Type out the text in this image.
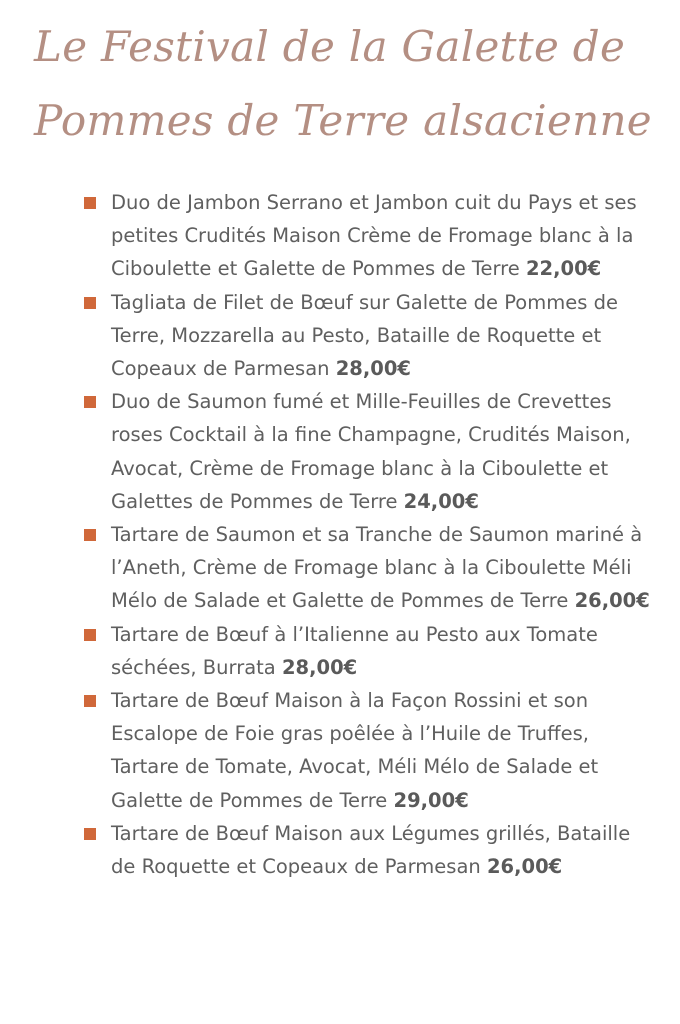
Le Festival de la Galette de
Pommes de Terre alsacienne
Duo de Jambon Serrano et Jambon cuit du Pays et ses petites Crudités Maison Crème de Fromage blanc à la Ciboulette et Galette de Pommes de Terre 22,00€
Tagliata de Filet de Bœuf sur Galette de Pommes de Terre, Mozzarella au Pesto, Bataille de Roquette et Copeaux de Parmesan 28,00€
Duo de Saumon fumé et Mille-Feuilles de Crevettes roses Cocktail à la fine Champagne, Crudités Maison, Avocat, Crème de Fromage blanc à la Ciboulette et Galettes de Pommes de Terre 24,00€
Tartare de Saumon et sa Tranche de Saumon mariné à l’Aneth, Crème de Fromage blanc à la Ciboulette Méli Mélo de Salade et Galette de Pommes de Terre 26,00€
Tartare de Bœuf à l’Italienne au Pesto aux Tomate séchées, Burrata 28,00€
Tartare de Bœuf Maison à la Façon Rossini et son Escalope de Foie gras poêlée à l’Huile de Truffes, Tartare de Tomate, Avocat, Méli Mélo de Salade et Galette de Pommes de Terre 29,00€
Tartare de Bœuf Maison aux Légumes grillés, Bataille de Roquette et Copeaux de Parmesan 26,00€
